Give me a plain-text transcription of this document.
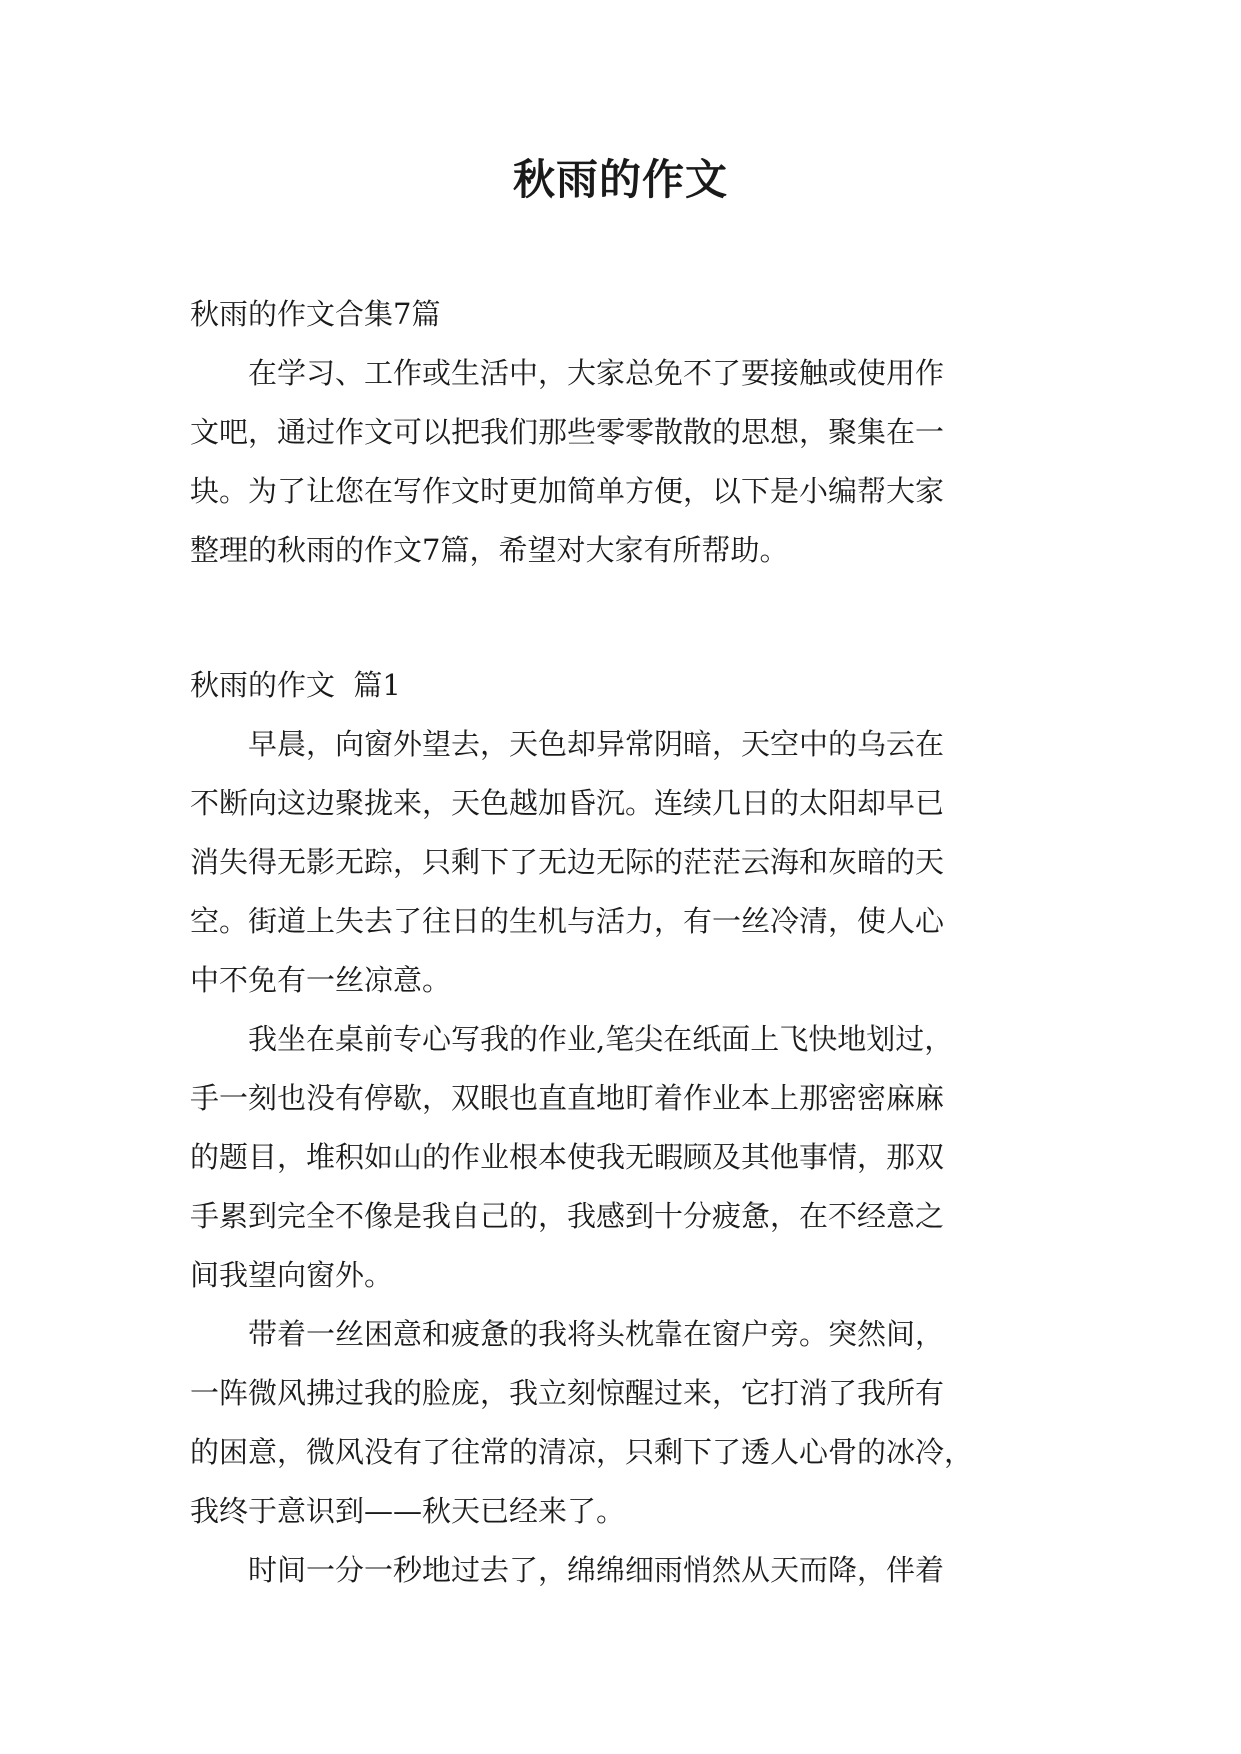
秋雨的作文
秋雨的作文合集7篇
　　在学习、工作或生活中，大家总免不了要接触或使用作
文吧，通过作文可以把我们那些零零散散的思想，聚集在一
块。为了让您在写作文时更加简单方便，以下是小编帮大家
整理的秋雨的作文7篇，希望对大家有所帮助。
秋雨的作文  篇1
　　早晨，向窗外望去，天色却异常阴暗，天空中的乌云在
不断向这边聚拢来，天色越加昏沉。连续几日的太阳却早已
消失得无影无踪，只剩下了无边无际的茫茫云海和灰暗的天
空。街道上失去了往日的生机与活力，有一丝冷清，使人心
中不免有一丝凉意。
　　我坐在桌前专心写我的作业,笔尖在纸面上飞快地划过，
手一刻也没有停歇，双眼也直直地盯着作业本上那密密麻麻
的题目，堆积如山的作业根本使我无暇顾及其他事情，那双
手累到完全不像是我自己的，我感到十分疲惫，在不经意之
间我望向窗外。
　　带着一丝困意和疲惫的我将头枕靠在窗户旁。突然间，
一阵微风拂过我的脸庞，我立刻惊醒过来，它打消了我所有
的困意，微风没有了往常的清凉，只剩下了透人心骨的冰冷，
我终于意识到——秋天已经来了。
　　时间一分一秒地过去了，绵绵细雨悄然从天而降，伴着
